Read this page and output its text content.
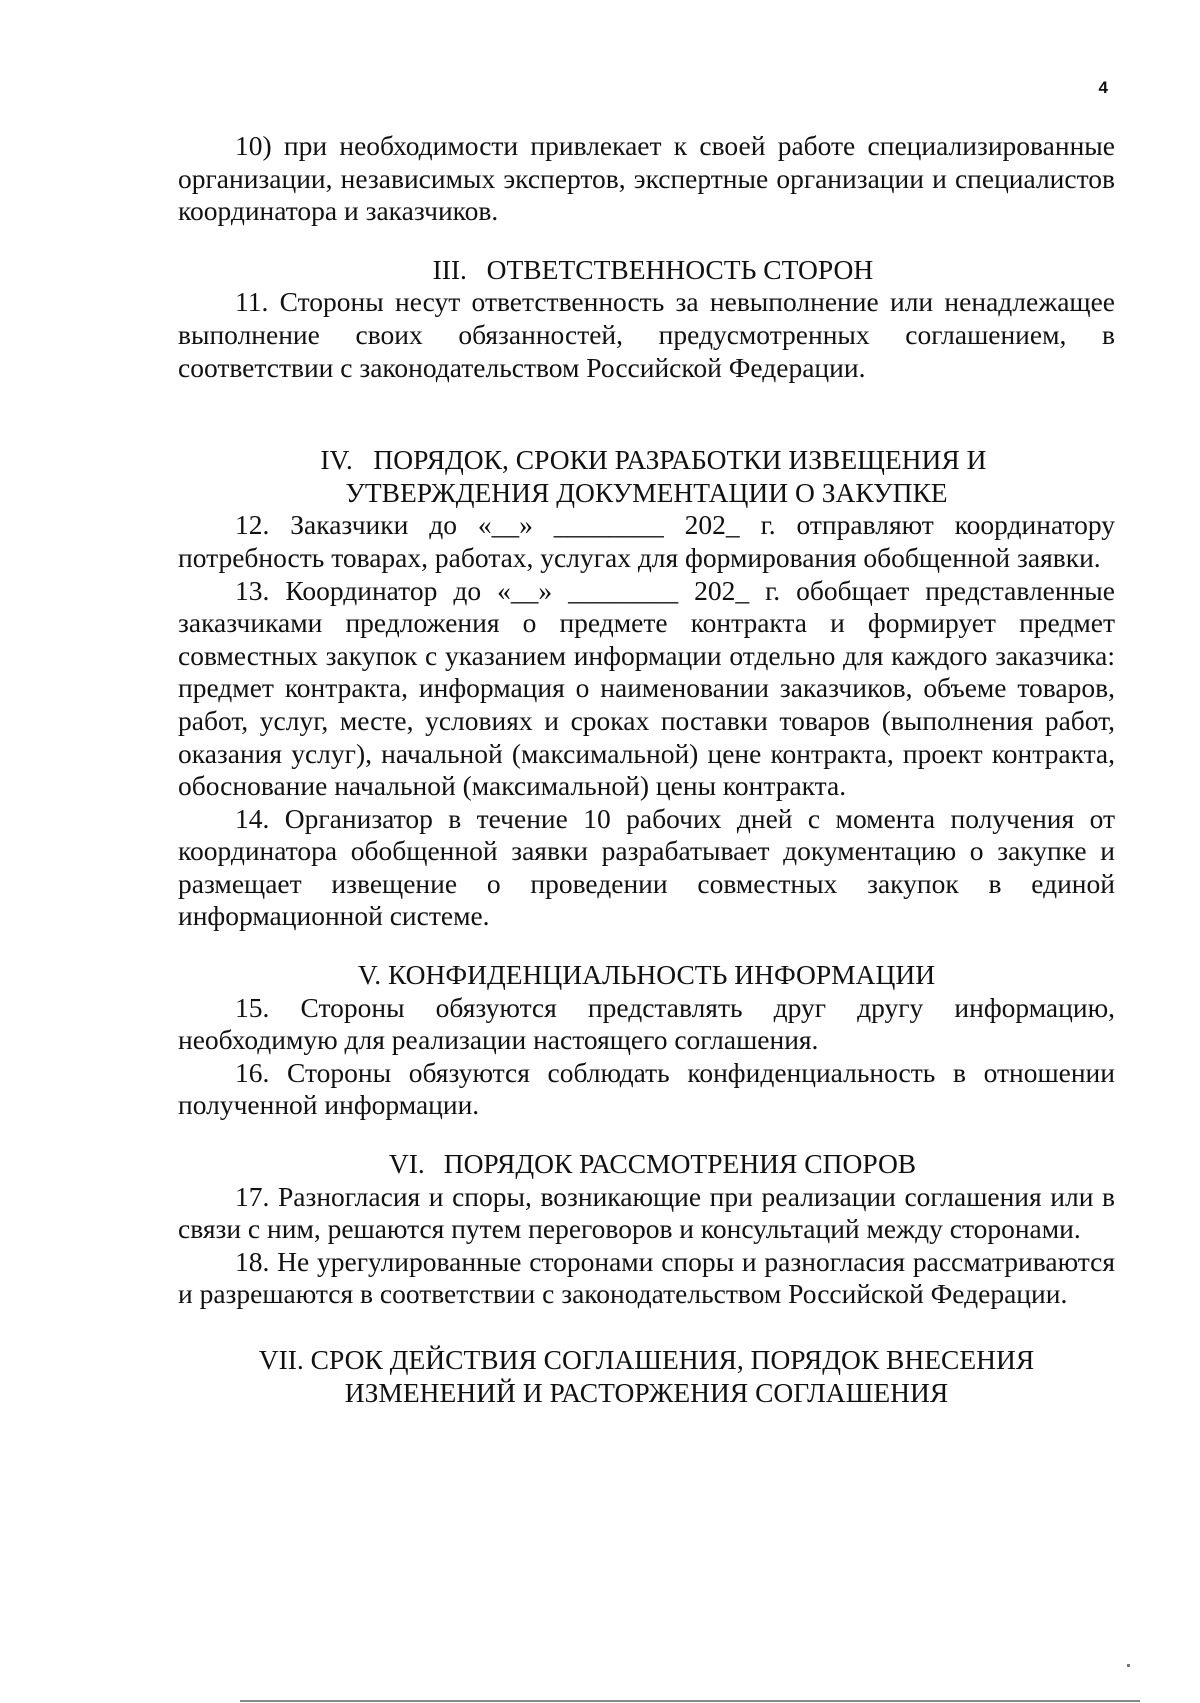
4

10) при необходимости привлекает к своей работе специализированные организации, независимых экспертов, экспертные организации и специалистов координатора и заказчиков.

III. ОТВЕТСТВЕННОСТЬ СТОРОН

11. Стороны несут ответственность за невыполнение или ненадлежащее выполнение своих обязанностей, предусмотренных соглашением, в соответствии с законодательством Российской Федерации.

IV. ПОРЯДОК, СРОКИ РАЗРАБОТКИ ИЗВЕЩЕНИЯ И
УТВЕРЖДЕНИЯ ДОКУМЕНТАЦИИ О ЗАКУПКЕ

12. Заказчики до «__» ________ 202_ г. отправляют координатору потребность товарах, работах, услугах для формирования обобщенной заявки.

13. Координатор до «__» ________ 202_ г. обобщает представленные заказчиками предложения о предмете контракта и формирует предмет совместных закупок с указанием информации отдельно для каждого заказчика: предмет контракта, информация о наименовании заказчиков, объеме товаров, работ, услуг, месте, условиях и сроках поставки товаров (выполнения работ, оказания услуг), начальной (максимальной) цене контракта, проект контракта, обоснование начальной (максимальной) цены контракта.

14. Организатор в течение 10 рабочих дней с момента получения от координатора обобщенной заявки разрабатывает документацию о закупке и размещает извещение о проведении совместных закупок в единой информационной системе.

V. КОНФИДЕНЦИАЛЬНОСТЬ ИНФОРМАЦИИ

15. Стороны обязуются представлять друг другу информацию, необходимую для реализации настоящего соглашения.

16. Стороны обязуются соблюдать конфиденциальность в отношении полученной информации.

VI. ПОРЯДОК РАССМОТРЕНИЯ СПОРОВ

17. Разногласия и споры, возникающие при реализации соглашения или в связи с ним, решаются путем переговоров и консультаций между сторонами.

18. Не урегулированные сторонами споры и разногласия рассматриваются и разрешаются в соответствии с законодательством Российской Федерации.

VII. СРОК ДЕЙСТВИЯ СОГЛАШЕНИЯ, ПОРЯДОК ВНЕСЕНИЯ
ИЗМЕНЕНИЙ И РАСТОРЖЕНИЯ СОГЛАШЕНИЯ
